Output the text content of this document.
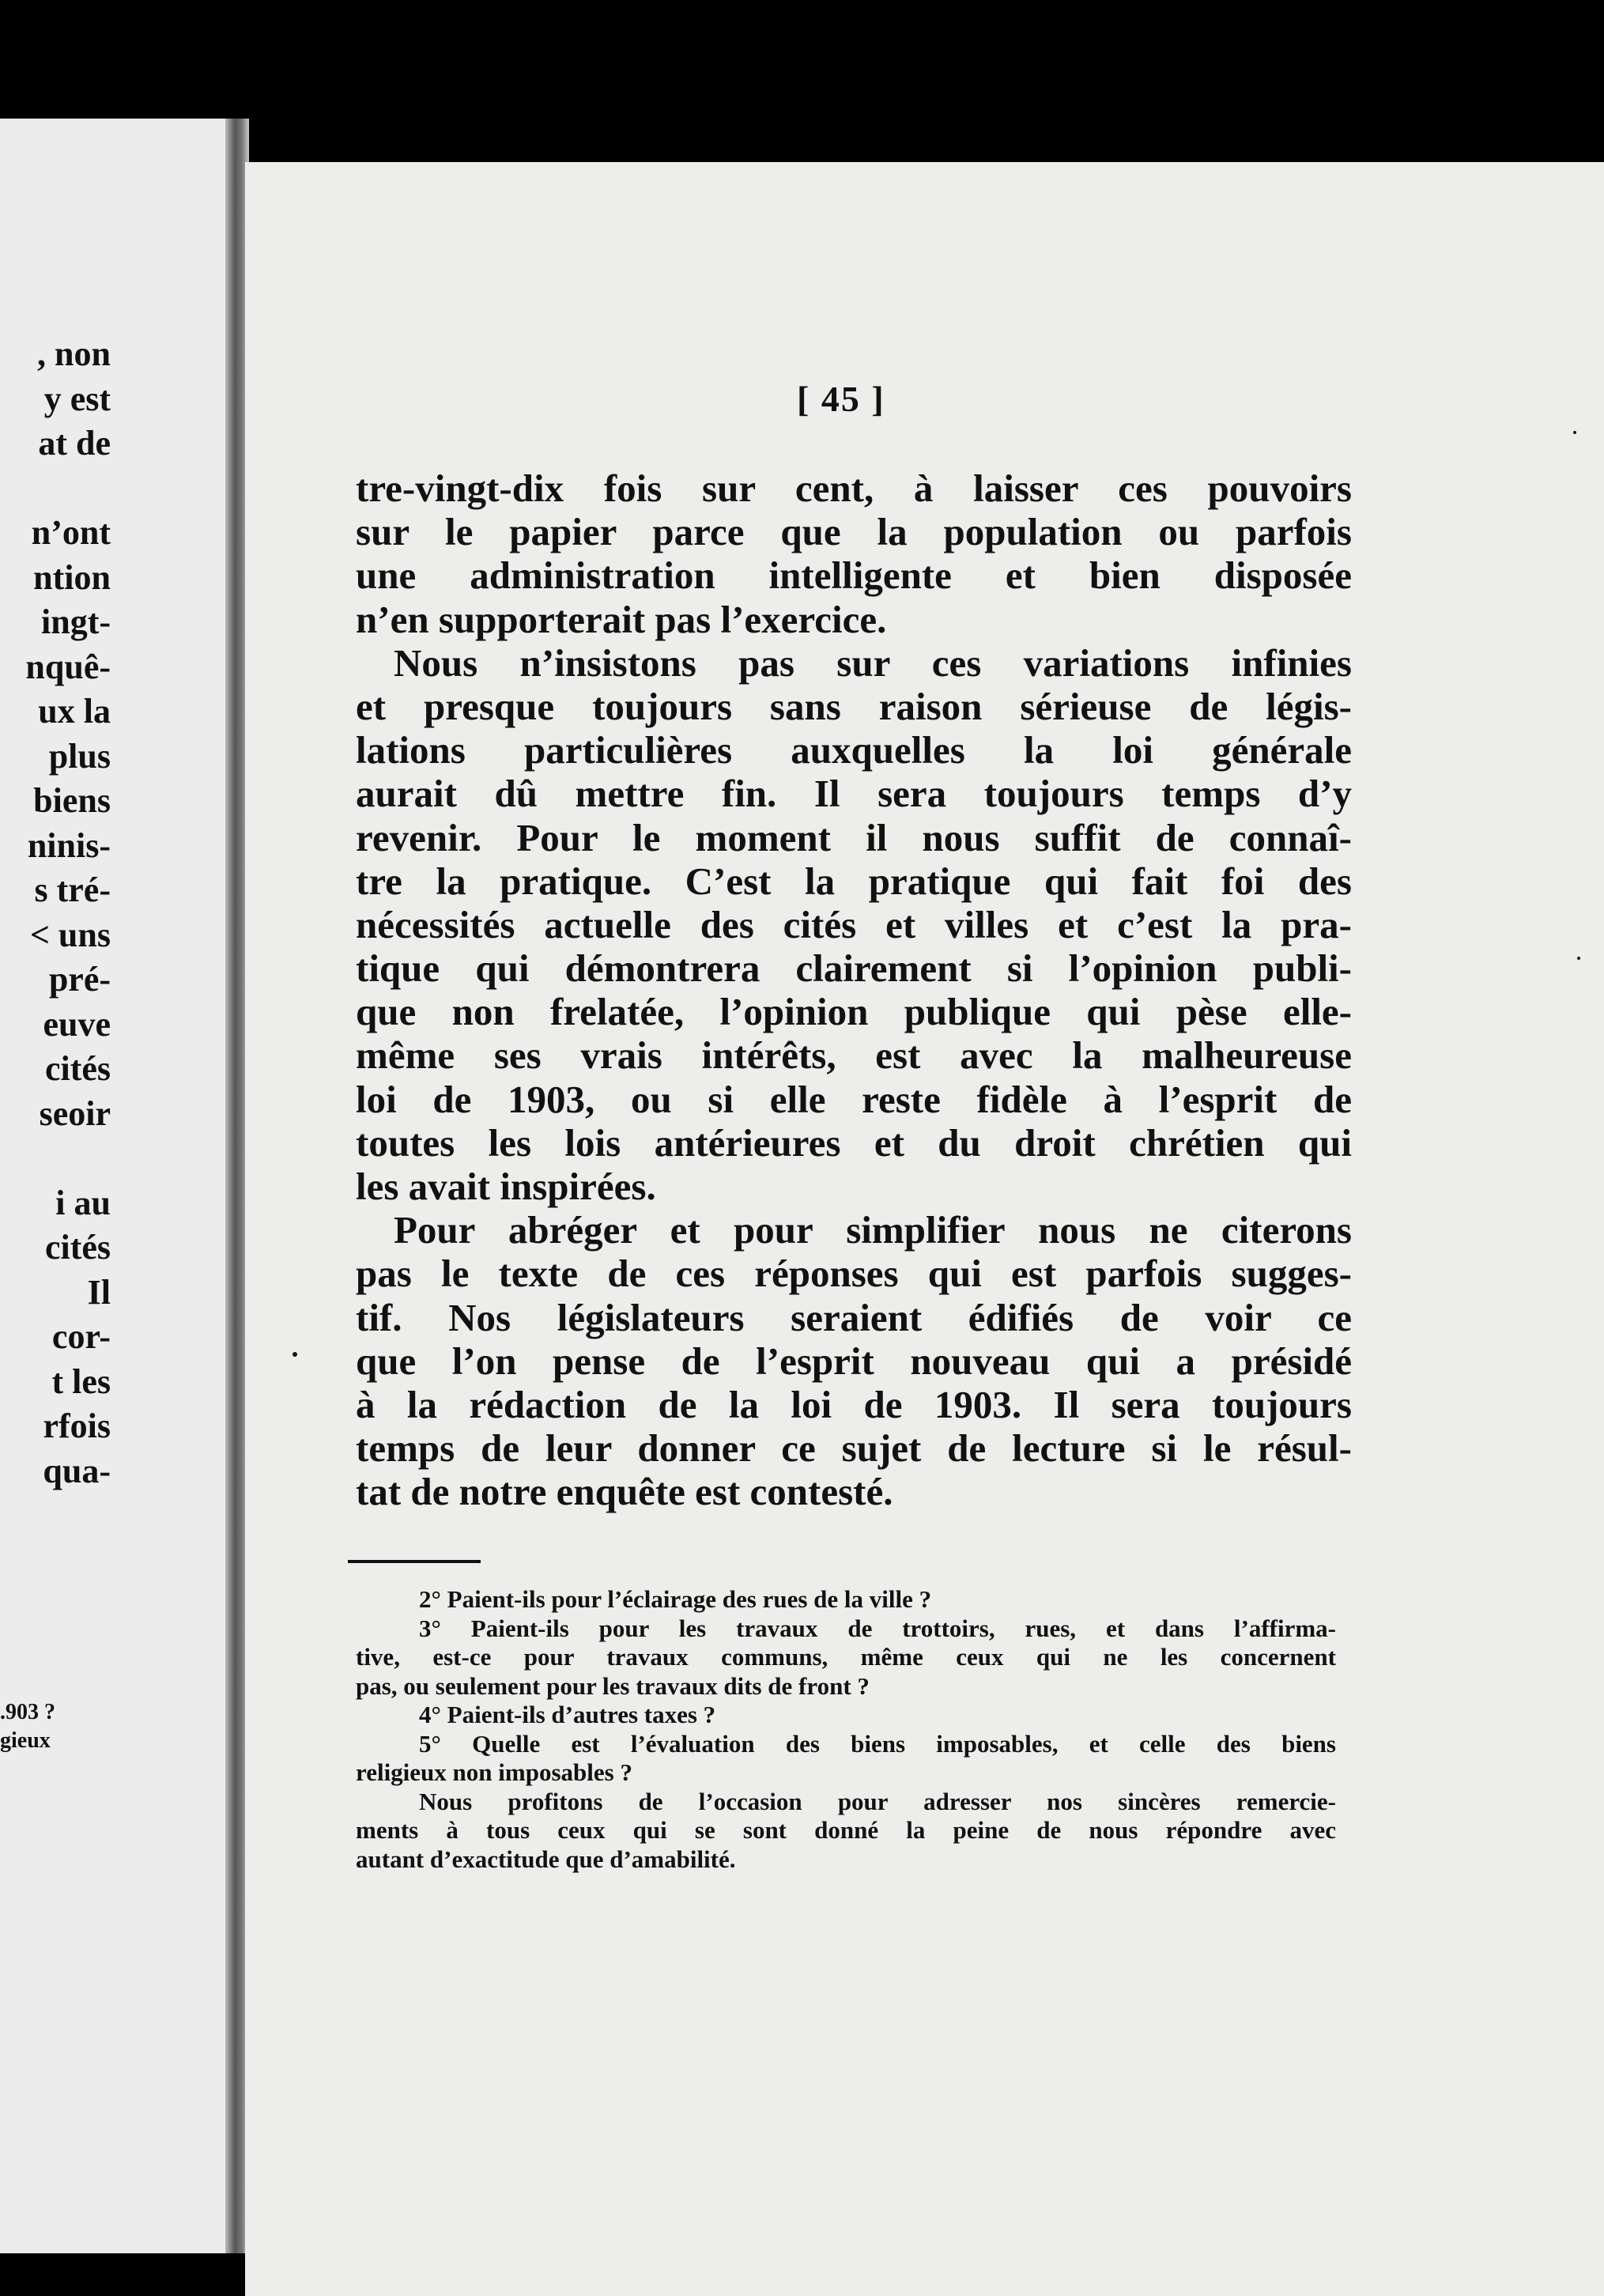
, non
y est
at de
n’ont
ntion
ingt-
nquê-
ux la
plus
biens
ninis-
s tré-
< uns
pré-
euve
cités
seoir
i au
cités
Il
cor-
t les
rfois
qua-
.903 ?
gieux
[ 45 ]
tre-vingt-dix fois sur cent, à laisser ces pouvoirs
sur le papier parce que la population ou parfois
une administration intelligente et bien disposée
n’en supporterait pas l’exercice.
Nous n’insistons pas sur ces variations infinies
et presque toujours sans raison sérieuse de légis-
lations particulières auxquelles la loi générale
aurait dû mettre fin. Il sera toujours temps d’y
revenir. Pour le moment il nous suffit de connaî-
tre la pratique. C’est la pratique qui fait foi des
nécessités actuelle des cités et villes et c’est la pra-
tique qui démontrera clairement si l’opinion publi-
que non frelatée, l’opinion publique qui pèse elle-
même ses vrais intérêts, est avec la malheureuse
loi de 1903, ou si elle reste fidèle à l’esprit de
toutes les lois antérieures et du droit chrétien qui
les avait inspirées.
Pour abréger et pour simplifier nous ne citerons
pas le texte de ces réponses qui est parfois sugges-
tif. Nos législateurs seraient édifiés de voir ce
que l’on pense de l’esprit nouveau qui a présidé
à la rédaction de la loi de 1903. Il sera toujours
temps de leur donner ce sujet de lecture si le résul-
tat de notre enquête est contesté.
2° Paient-ils pour l’éclairage des rues de la ville ?
3° Paient-ils pour les travaux de trottoirs, rues, et dans l’affirma-
tive, est-ce pour travaux communs, même ceux qui ne les concernent
pas, ou seulement pour les travaux dits de front ?
4° Paient-ils d’autres taxes ?
5° Quelle est l’évaluation des biens imposables, et celle des biens
religieux non imposables ?
Nous profitons de l’occasion pour adresser nos sincères remercie-
ments à tous ceux qui se sont donné la peine de nous répondre avec
autant d’exactitude que d’amabilité.
